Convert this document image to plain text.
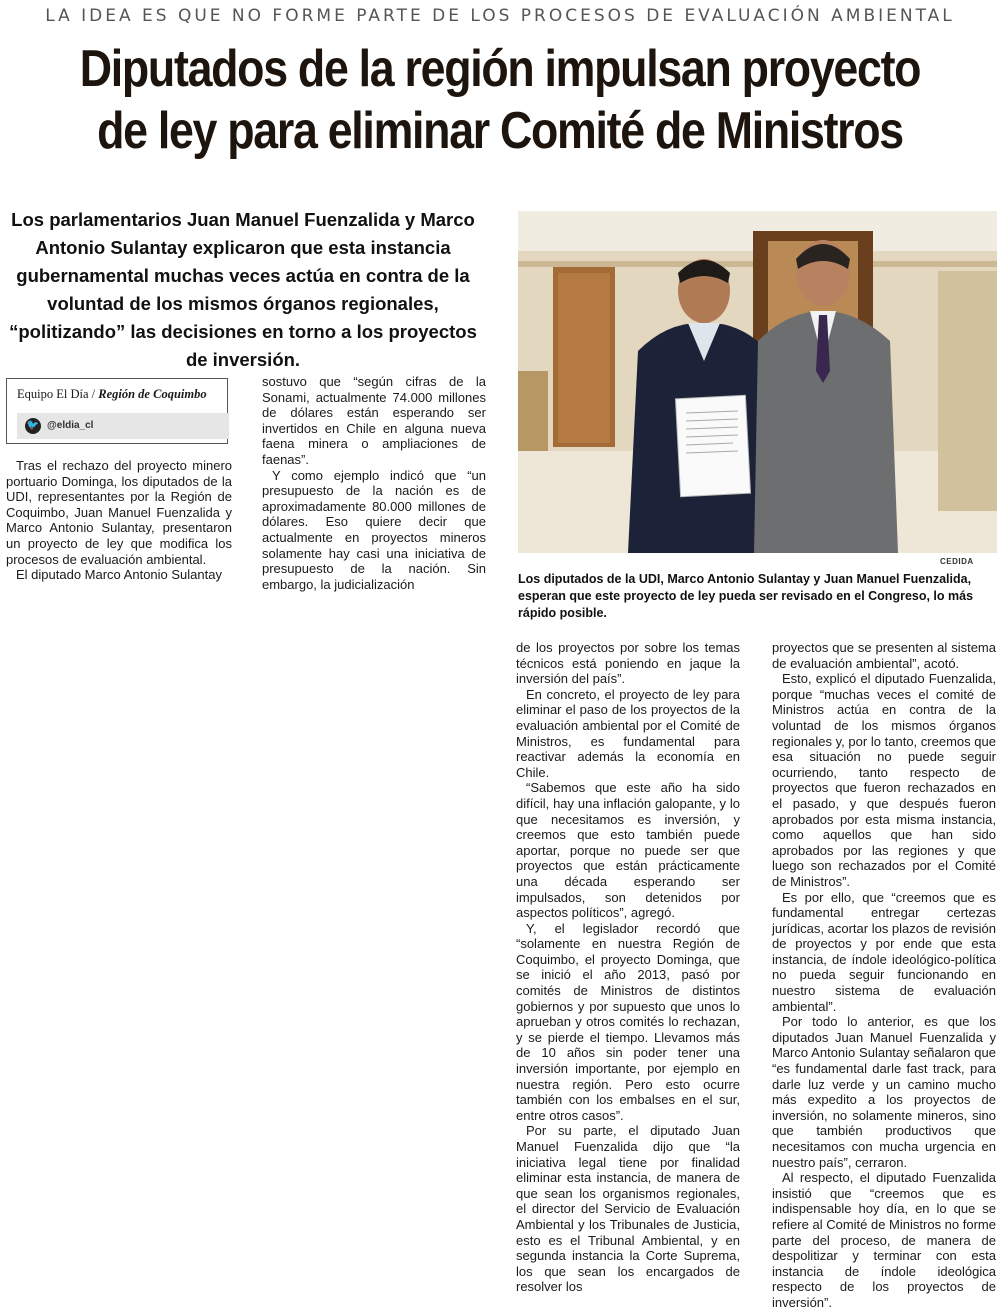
LA IDEA ES QUE NO FORME PARTE DE LOS PROCESOS DE EVALUACIÓN AMBIENTAL
Diputados de la región impulsan proyecto
de ley para eliminar Comité de Ministros
Los parlamentarios Juan Manuel Fuenzalida y Marco Antonio Sulantay explicaron que esta instancia gubernamental muchas veces actúa en contra de la voluntad de los mismos órganos regionales, “politizando” las decisiones en torno a los proyectos de inversión.
CEDIDA
Los diputados de la UDI, Marco Antonio Sulantay y Juan Manuel Fuenzalida, esperan que este proyecto de ley pueda ser revisado en el Congreso, lo más rápido posible.
Equipo El Día / Región de Coquimbo
🐦 @eldia_cl

Tras el rechazo del proyecto minero portuario Dominga, los diputados de la UDI, representantes por la Región de Coquimbo, Juan Manuel Fuenzalida y Marco Antonio Sulantay, presentaron un proyecto de ley que modifica los procesos de evaluación ambiental.

El diputado Marco Antonio Sulantay

sostuvo que “según cifras de la Sonami, actualmente 74.000 millones de dólares están esperando ser invertidos en Chile en alguna nueva faena minera o ampliaciones de faenas”.

Y como ejemplo indicó que “un presupuesto de la nación es de aproximadamente 80.000 millones de dólares. Eso quiere decir que actualmente en proyectos mineros solamente hay casi una iniciativa de presupuesto de la nación. Sin embargo, la judicialización

de los proyectos por sobre los temas técnicos está poniendo en jaque la inversión del país”.

En concreto, el proyecto de ley para eliminar el paso de los proyectos de la evaluación ambiental por el Comité de Ministros, es fundamental para reactivar además la economía en Chile.

“Sabemos que este año ha sido difícil, hay una inflación galopante, y lo que necesitamos es inversión, y creemos que esto también puede aportar, porque no puede ser que proyectos que están prácticamente una década esperando ser impulsados, son detenidos por aspectos políticos”, agregó.

Y, el legislador recordó que “solamente en nuestra Región de Coquimbo, el proyecto Dominga, que se inició el año 2013, pasó por comités de Ministros de distintos gobiernos y por supuesto que unos lo aprueban y otros comités lo rechazan, y se pierde el tiempo. Llevamos más de 10 años sin poder tener una inversión importante, por ejemplo en nuestra región. Pero esto ocurre también con los embalses en el sur, entre otros casos”.

Por su parte, el diputado Juan Manuel Fuenzalida dijo que “la iniciativa legal tiene por finalidad eliminar esta instancia, de manera de que sean los organismos regionales, el director del Servicio de Evaluación Ambiental y los Tribunales de Justicia, esto es el Tribunal Ambiental, y en segunda instancia la Corte Suprema, los que sean los encargados de resolver los

proyectos que se presenten al sistema de evaluación ambiental”, acotó.

Esto, explicó el diputado Fuenzalida, porque “muchas veces el comité de Ministros actúa en contra de la voluntad de los mismos órganos regionales y, por lo tanto, creemos que esa situación no puede seguir ocurriendo, tanto respecto de proyectos que fueron rechazados en el pasado, y que después fueron aprobados por esta misma instancia, como aquellos que han sido aprobados por las regiones y que luego son rechazados por el Comité de Ministros”.

Es por ello, que “creemos que es fundamental entregar certezas jurídicas, acortar los plazos de revisión de proyectos y por ende que esta instancia, de índole ideológico-política no pueda seguir funcionando en nuestro sistema de evaluación ambiental”.

Por todo lo anterior, es que los diputados Juan Manuel Fuenzalida y Marco Antonio Sulantay señalaron que “es fundamental darle fast track, para darle luz verde y un camino mucho más expedito a los proyectos de inversión, no solamente mineros, sino que también productivos que necesitamos con mucha urgencia en nuestro país”, cerraron.

Al respecto, el diputado Fuenzalida insistió que “creemos que es indispensable hoy día, en lo que se refiere al Comité de Ministros no forme parte del proceso, de manera de despolitizar y terminar con esta instancia de índole ideológica respecto de los proyectos de inversión”.
